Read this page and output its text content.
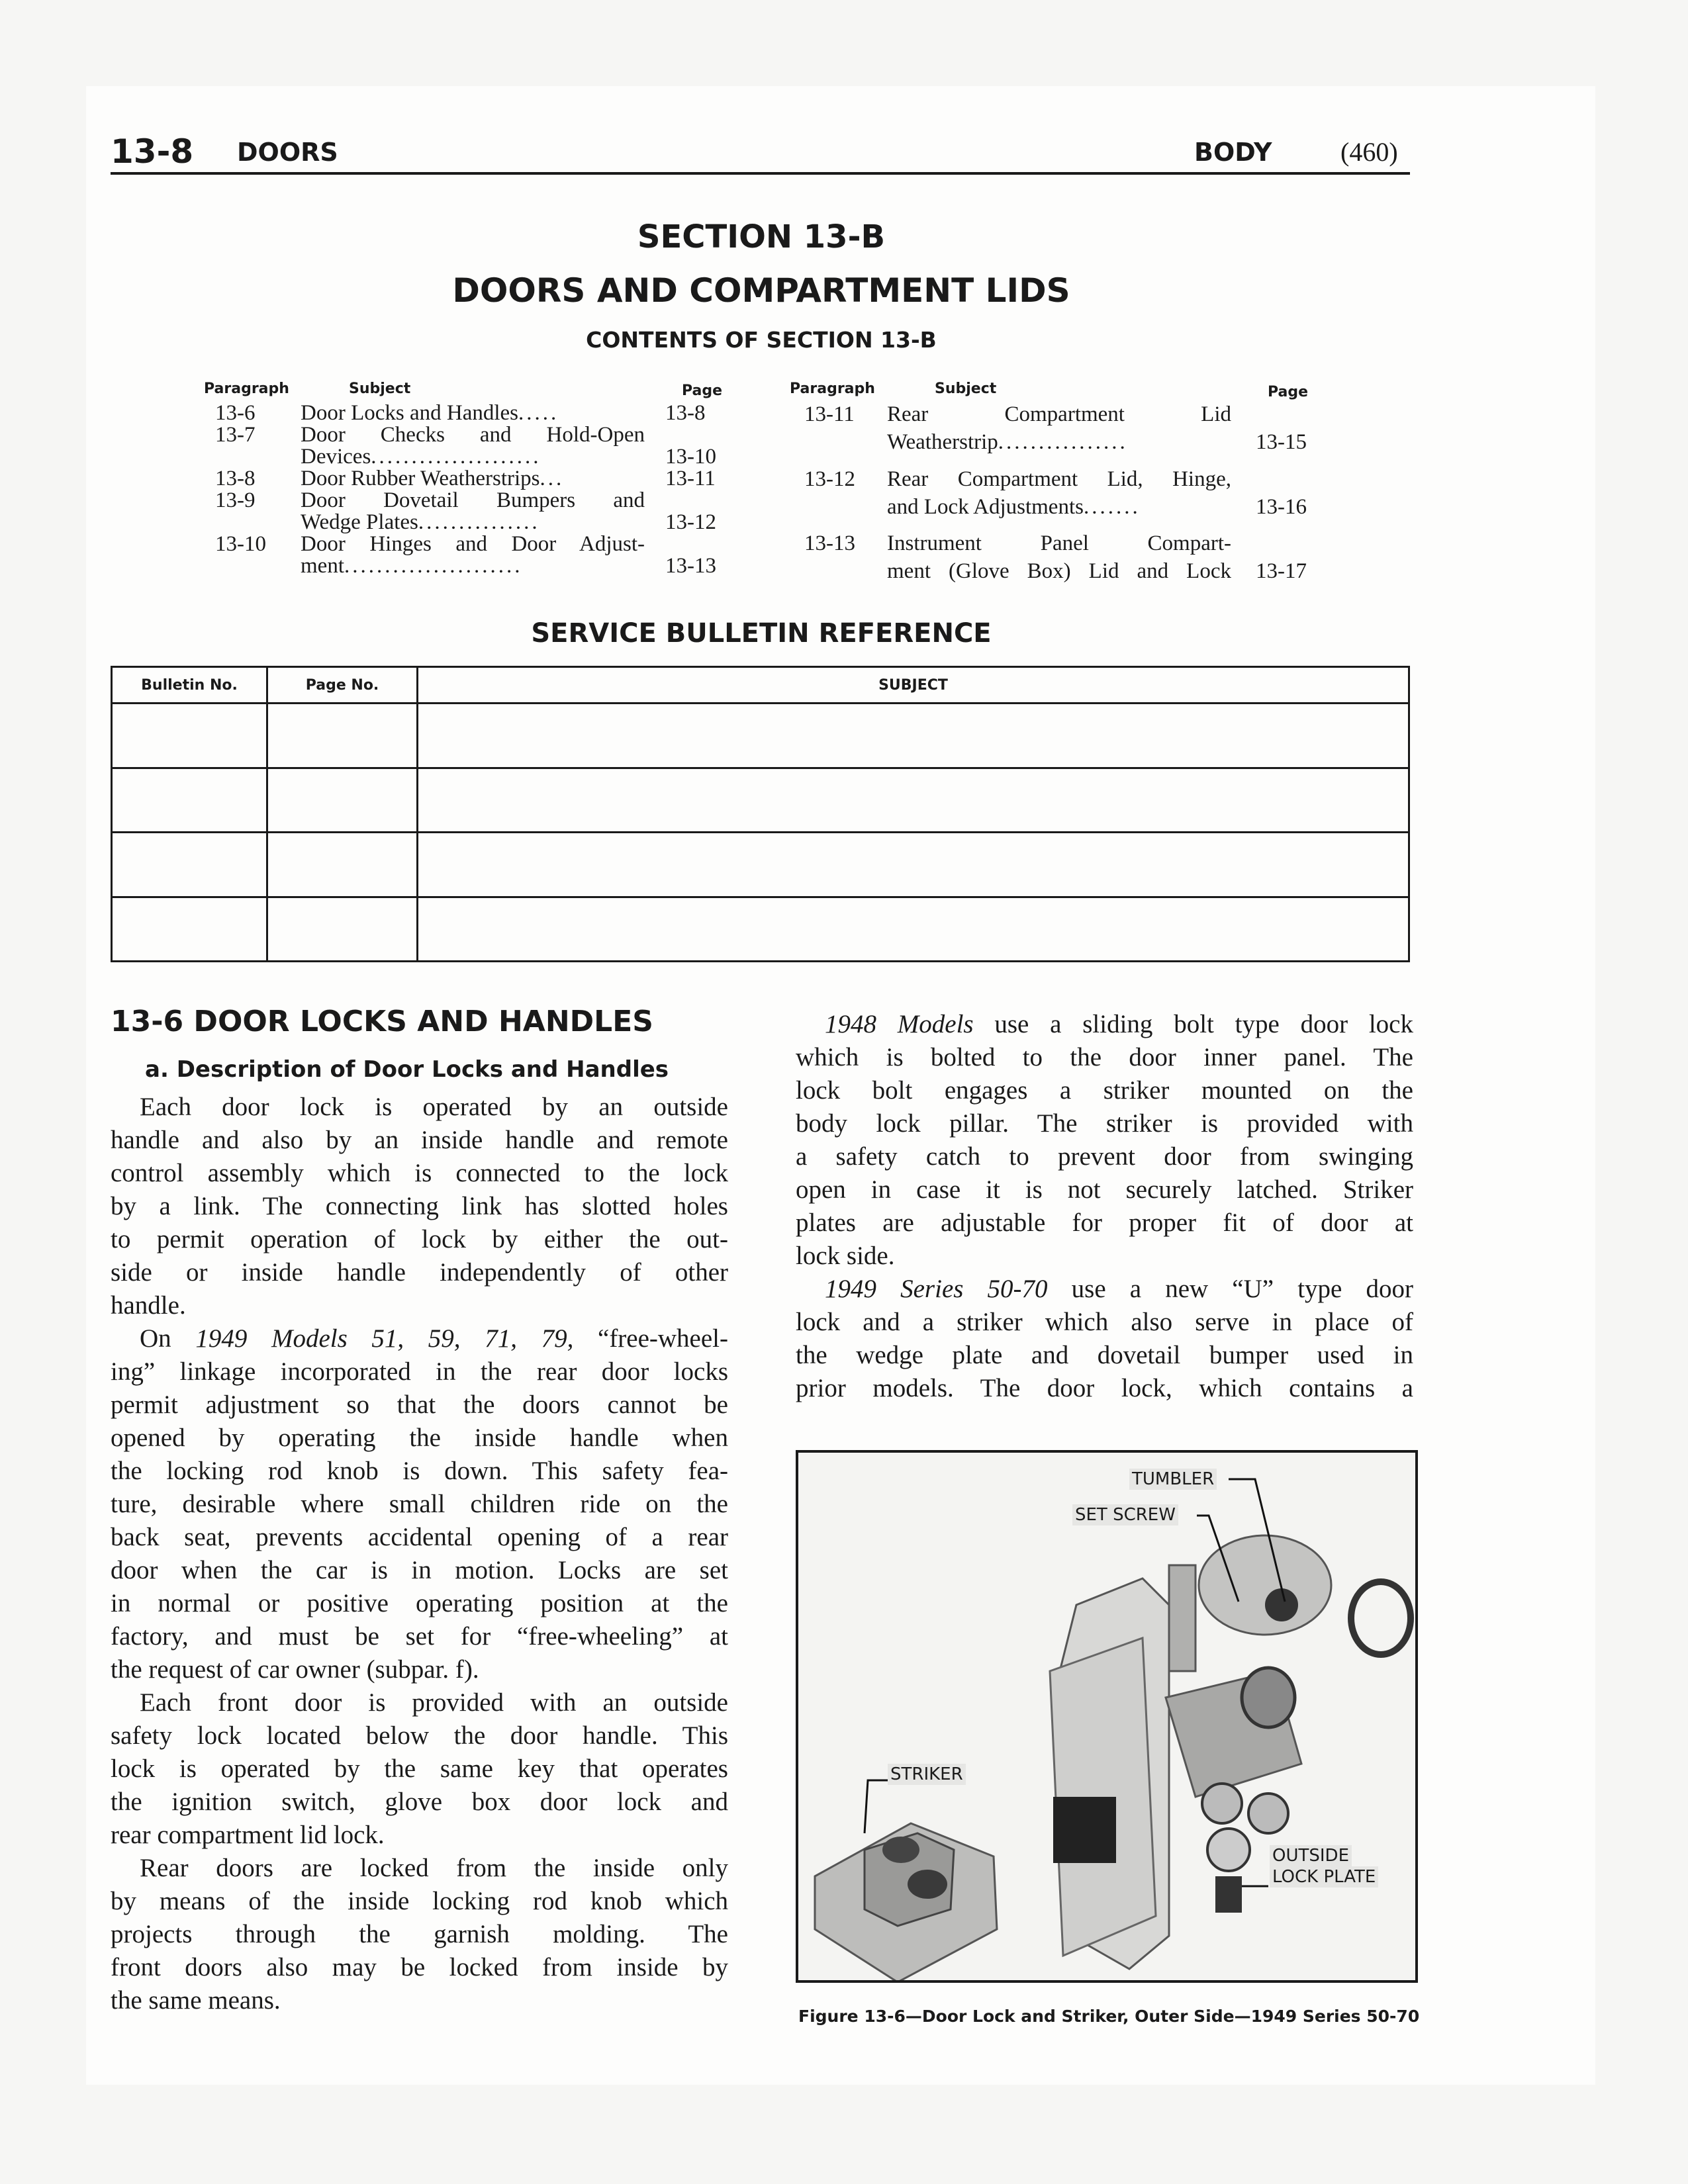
13-8 DOORS	BODY	(460)
SECTION 13-B
DOORS AND COMPARTMENT LIDS
CONTENTS OF SECTION 13-B
Paragraph	Subject	Page	Paragraph	Subject	Page
13-6 Door Locks and Handles.....	13-8
13-7 Door Checks and Hold-Open
Devices.....................	13-10
13-8 Door Rubber Weatherstrips...	13-11
13-9 Door Dovetail Bumpers and
Wedge Plates...............	13-12
13-10 Door Hinges and Door Adjust-
ment......................	13-13
13-11 Rear Compartment Lid
Weatherstrip................	13-15
13-12 Rear Compartment Lid, Hinge,
and Lock Adjustments.......	13-16
13-13 Instrument Panel Compart-
ment (Glove Box) Lid and Lock 13-17
SERVICE BULLETIN REFERENCE
Bulletin No.	Page No.	SUBJECT

13-6 DOOR LOCKS AND HANDLES
a. Description of Door Locks and Handles
Each door lock is operated by an outside
handle and also by an inside handle and remote
control assembly which is connected to the lock
by a link. The connecting link has slotted holes
to permit operation of lock by either the out-
side or inside handle independently of other
handle.
On 1949 Models 51, 59, 71, 79, “free-wheel-
ing” linkage incorporated in the rear door locks
permit adjustment so that the doors cannot be
opened by operating the inside handle when
the locking rod knob is down. This safety fea-
ture, desirable where small children ride on the
back seat, prevents accidental opening of a rear
door when the car is in motion. Locks are set
in normal or positive operating position at the
factory, and must be set for “free-wheeling” at
the request of car owner (subpar. f).
Each front door is provided with an outside
safety lock located below the door handle. This
lock is operated by the same key that operates
the ignition switch, glove box door lock and
rear compartment lid lock.
Rear doors are locked from the inside only
by means of the inside locking rod knob which
projects through the garnish molding. The
front doors also may be locked from inside by
the same means.
1948 Models use a sliding bolt type door lock
which is bolted to the door inner panel. The
lock bolt engages a striker mounted on the
body lock pillar. The striker is provided with
a safety catch to prevent door from swinging
open in case it is not securely latched. Striker
plates are adjustable for proper fit of door at
lock side.
1949 Series 50-70 use a new “U” type door
lock and a striker which also serve in place of
the wedge plate and dovetail bumper used in
prior models. The door lock, which contains a
TUMBLER
SET SCREW
STRIKER
OUTSIDE
LOCK PLATE
Figure 13-6—Door Lock and Striker, Outer Side—1949 Series 50-70
